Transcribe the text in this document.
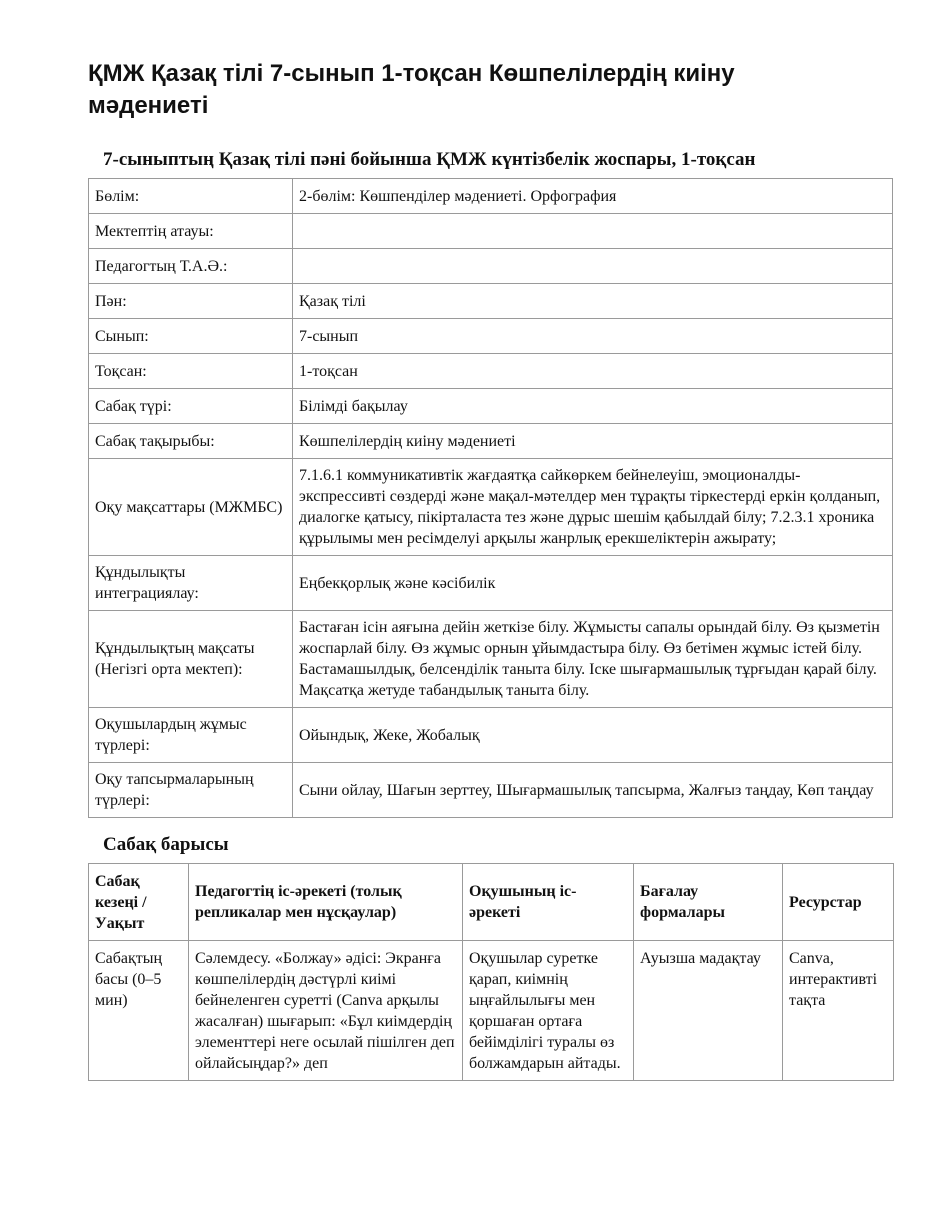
ҚМЖ Қазақ тілі 7-сынып 1-тоқсан Көшпелілердің киіну мәдениеті
7-сыныптың Қазақ тілі пәні бойынша ҚМЖ күнтізбелік жоспары, 1-тоқсан
Бөлім:	2-бөлім: Көшпенділер мәдениеті. Орфография
Мектептің атауы:	
Педагогтың Т.А.Ә.:	
Пән:	Қазақ тілі
Сынып:	7-сынып
Тоқсан:	1-тоқсан
Сабақ түрі:	Білімді бақылау
Сабақ тақырыбы:	Көшпелілердің киіну мәдениеті
Оқу мақсаттары (МЖМБС)	7.1.6.1 коммуникативтік жағдаятқа сайкөркем бейнелеуіш, эмоционалды-экспрессивті сөздерді және мақал-мәтелдер мен тұрақты тіркестерді еркін қолданып, диалогке қатысу, пікірталаста тез және дұрыс шешім қабылдай білу; 7.2.3.1 хроника құрылымы мен ресімделуі арқылы жанрлық ерекшеліктерін ажырату;
Құндылықты интеграциялау:	Еңбекқорлық және кәсібилік
Құндылықтың мақсаты (Негізгі орта мектеп):	Бастаған ісін аяғына дейін жеткізе білу. Жұмысты сапалы орындай білу. Өз қызметін жоспарлай білу. Өз жұмыс орнын ұйымдастыра білу. Өз бетімен жұмыс істей білу. Бастамашылдық, белсенділік таныта білу. Іске шығармашылық тұрғыдан қарай білу. Мақсатқа жетуде табандылық таныта білу.
Оқушылардың жұмыс түрлері:	Ойындық, Жеке, Жобалық
Оқу тапсырмаларының түрлері:	Сыни ойлау, Шағын зерттеу, Шығармашылық тапсырма, Жалғыз таңдау, Көп таңдау
Сабақ барысы
Сабақ кезеңі / Уақыт	Педагогтің іс-әрекеті (толық репликалар мен нұсқаулар)	Оқушының іс-әрекеті	Бағалау формалары	Ресурстар
Сабақтың басы (0–5 мин)	Сәлемдесу. «Болжау» әдісі: Экранға көшпелілердің дәстүрлі киімі бейнеленген суретті (Canva арқылы жасалған) шығарып: «Бұл киімдердің элементтері неге осылай пішілген деп ойлайсыңдар?» деп	Оқушылар суретке қарап, киімнің ыңғайлылығы мен қоршаған ортаға бейімділігі туралы өз болжамдарын айтады.	Ауызша мадақтау	Canva, интерактивті тақта
